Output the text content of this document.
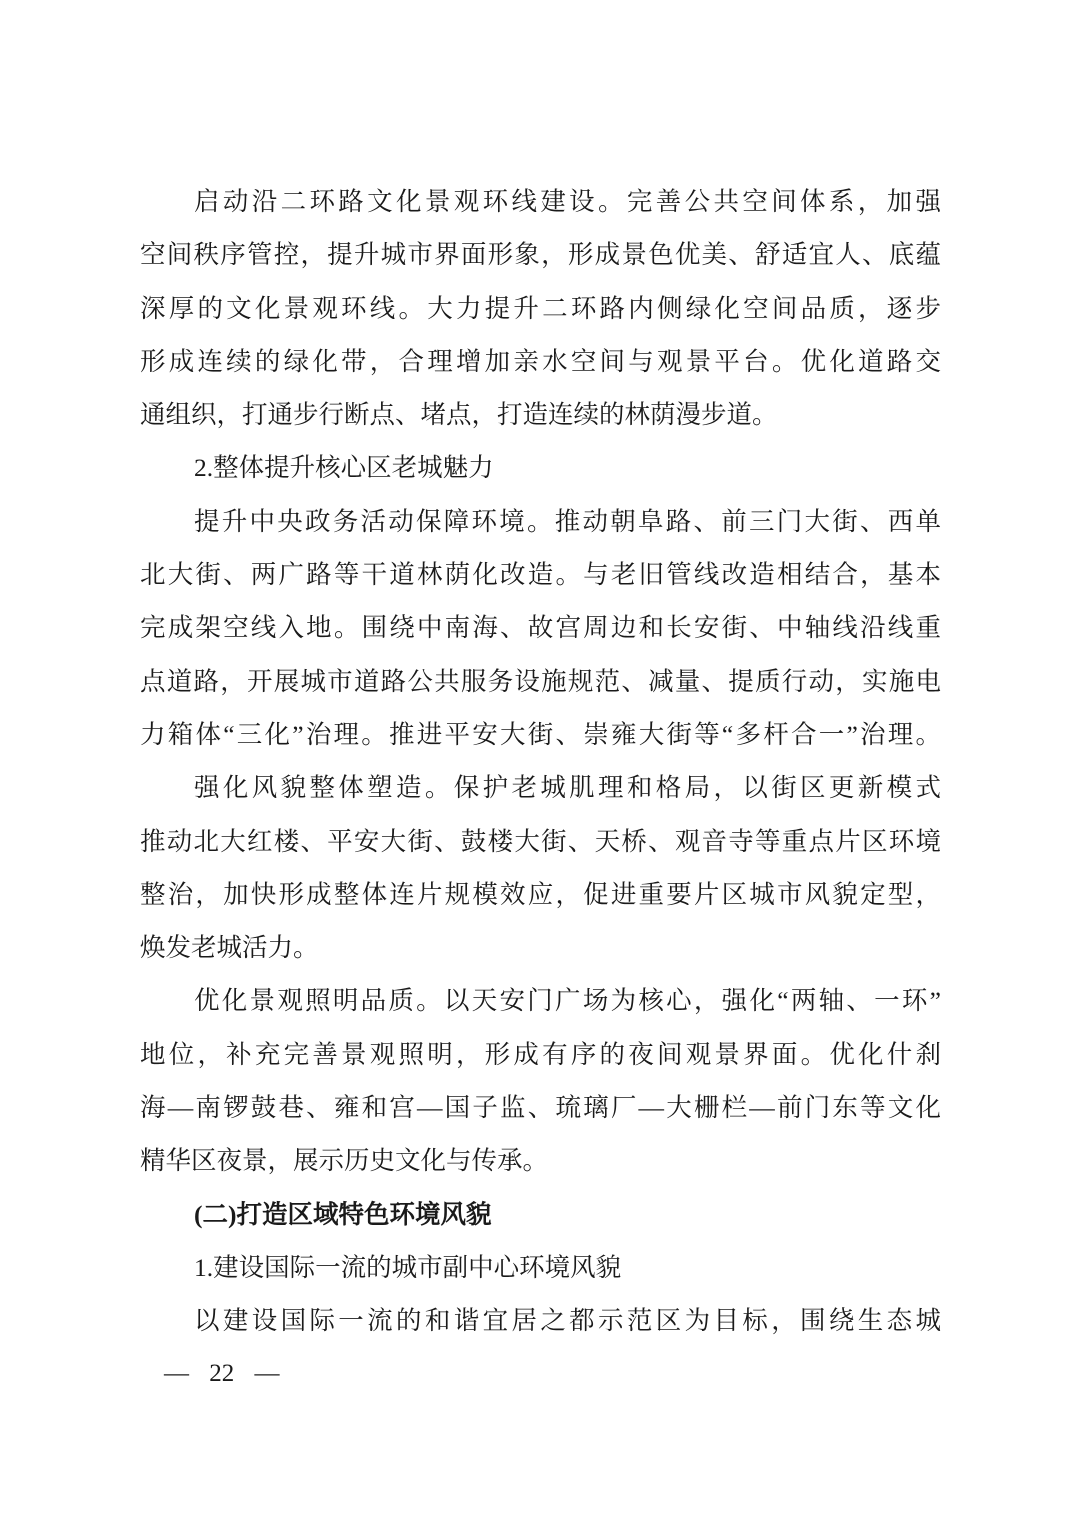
启动沿二环路文化景观环线建设。完善公共空间体系，加强
空间秩序管控，提升城市界面形象，形成景色优美、舒适宜人、底蕴
深厚的文化景观环线。大力提升二环路内侧绿化空间品质，逐步
形成连续的绿化带，合理增加亲水空间与观景平台。优化道路交
通组织，打通步行断点、堵点，打造连续的林荫漫步道。
2.整体提升核心区老城魅力
提升中央政务活动保障环境。推动朝阜路、前三门大街、西单
北大街、两广路等干道林荫化改造。与老旧管线改造相结合，基本
完成架空线入地。围绕中南海、故宫周边和长安街、中轴线沿线重
点道路，开展城市道路公共服务设施规范、减量、提质行动，实施电
力箱体“三化”治理。推进平安大街、崇雍大街等“多杆合一”治理。
强化风貌整体塑造。保护老城肌理和格局，以街区更新模式
推动北大红楼、平安大街、鼓楼大街、天桥、观音寺等重点片区环境
整治，加快形成整体连片规模效应，促进重要片区城市风貌定型，
焕发老城活力。
优化景观照明品质。以天安门广场为核心，强化“两轴、一环”
地位，补充完善景观照明，形成有序的夜间观景界面。优化什刹
海—南锣鼓巷、雍和宫—国子监、琉璃厂—大栅栏—前门东等文化
精华区夜景，展示历史文化与传承。
(二)打造区域特色环境风貌
1.建设国际一流的城市副中心环境风貌
以建设国际一流的和谐宜居之都示范区为目标，围绕生态城
— 22 —
